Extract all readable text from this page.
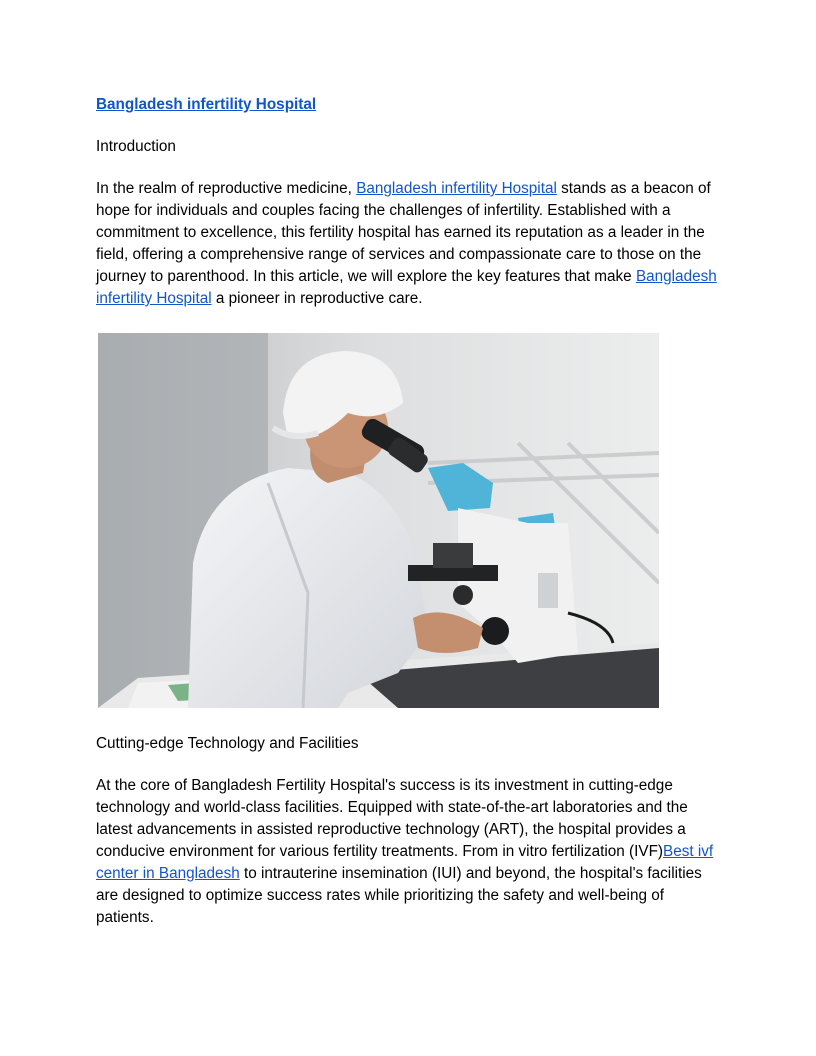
Bangladesh infertility Hospital

Introduction

In the realm of reproductive medicine, Bangladesh infertility Hospital stands as a beacon of hope for individuals and couples facing the challenges of infertility. Established with a commitment to excellence, this fertility hospital has earned its reputation as a leader in the field, offering a comprehensive range of services and compassionate care to those on the journey to parenthood. In this article, we will explore the key features that make Bangladesh infertility Hospital a pioneer in reproductive care.

Cutting-edge Technology and Facilities

At the core of Bangladesh Fertility Hospital's success is its investment in cutting-edge technology and world-class facilities. Equipped with state-of-the-art laboratories and the latest advancements in assisted reproductive technology (ART), the hospital provides a conducive environment for various fertility treatments. From in vitro fertilization (IVF)Best ivf center in Bangladesh to intrauterine insemination (IUI) and beyond, the hospital's facilities are designed to optimize success rates while prioritizing the safety and well-being of patients.
